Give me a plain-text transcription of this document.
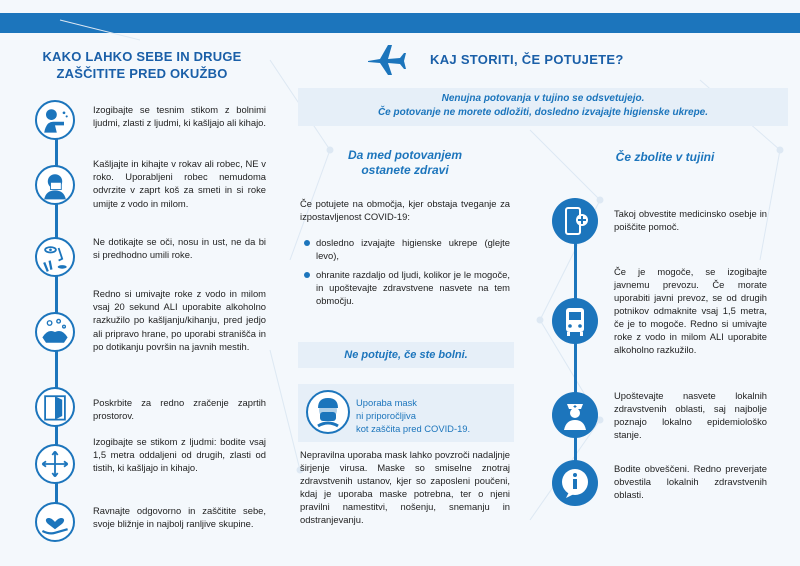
KAKO LAHKO SEBE IN DRUGE
ZAŠČITITE PRED OKUŽBO
Izogibajte se tesnim stikom z bolnimi ljudmi, zlasti z ljudmi, ki kašljajo ali kihajo.
Kašljajte in kihajte v rokav ali robec, NE v roko. Uporabljeni robec nemudoma odvrzite v zaprt koš za smeti in si roke umijte z vodo in milom.
Ne dotikajte se oči, nosu in ust, ne da bi si predhodno umili roke.
Redno si umivajte roke z vodo in milom vsaj 20 sekund ALI uporabite alkoholno razkužilo po kašljanju/kihanju, pred jedjo ali pripravo hrane, po uporabi stranišča in po dotikanju površin na javnih mestih.
Poskrbite za redno zračenje zaprtih prostorov.
Izogibajte se stikom z ljudmi: bodite vsaj 1,5 metra oddaljeni od drugih, zlasti od tistih, ki kašljajo in kihajo.
Ravnajte odgovorno in zaščitite sebe, svoje bližnje in najbolj ranljive skupine.
KAJ STORITI, ČE POTUJETE?
Nenujna potovanja v tujino se odsvetujejo.
Če potovanje ne morete odložiti, dosledno izvajajte higienske ukrepe.
Da med potovanjem
ostanete zdravi
Če potujete na območja, kjer obstaja tveganje za izpostavljenost COVID-19:
dosledno izvajajte higienske ukrepe (glejte levo),
ohranite razdaljo od ljudi, kolikor je le mogoče, in upoštevajte zdravstvene nasvete na tem območju.
Ne potujte, če ste bolni.
Uporaba mask
ni priporočljiva
kot zaščita pred COVID-19.
Nepravilna uporaba mask lahko povzroči nadaljnje širjenje virusa. Maske so smiselne znotraj zdravstvenih ustanov, kjer so zaposleni poučeni, kdaj je uporaba maske potrebna, ter o njeni pravilni namestitvi, nošenju, snemanju in odstranjevanju.
Če zbolite v tujini
Takoj obvestite medicinsko osebje in poiščite pomoč.
Če je mogoče, se izogibajte javnemu prevozu. Če morate uporabiti javni prevoz, se od drugih potnikov odmaknite vsaj 1,5 metra, če je to mogoče. Redno si umivajte roke z vodo in milom ALI uporabite alkoholno razkužilo.
Upoštevajte nasvete lokalnih zdravstvenih oblasti, saj najbolje poznajo lokalno epidemiološko stanje.
Bodite obveščeni. Redno preverjate obvestila lokalnih zdravstvenih oblasti.
